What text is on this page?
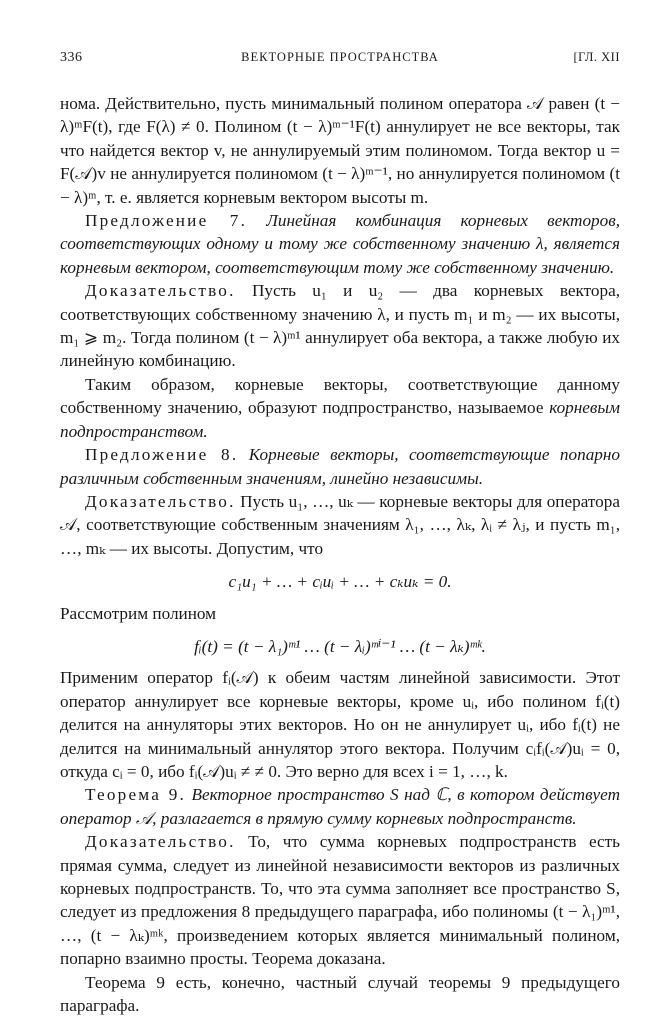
336	ВЕКТОРНЫЕ ПРОСТРАНСТВА	[ГЛ. XII

нома. Действительно, пусть минимальный полином оператора 𝒜 равен (t − λ)ᵐF(t), где F(λ) ≠ 0. Полином (t − λ)ᵐ⁻¹F(t) аннулирует не все векторы, так что найдется вектор v, не аннулируемый этим полиномом. Тогда вектор u = F(𝒜)v не аннулируется полиномом (t − λ)ᵐ⁻¹, но аннулируется полиномом (t − λ)ᵐ, т. е. является корневым вектором высоты m.

Предложение 7. Линейная комбинация корневых векторов, соответствующих одному и тому же собственному значению λ, является корневым вектором, соответствующим тому же собственному значению.

Доказательство. Пусть u₁ и u₂ — два корневых вектора, соответствующих собственному значению λ, и пусть m₁ и m₂ — их высоты, m₁ ⩾ m₂. Тогда полином (t − λ)ᵐ¹ аннулирует оба вектора, а также любую их линейную комбинацию.

Таким образом, корневые векторы, соответствующие данному собственному значению, образуют подпространство, называемое корневым подпространством.

Предложение 8. Корневые векторы, соответствующие попарно различным собственным значениям, линейно независимы.

Доказательство. Пусть u₁, …, uₖ — корневые векторы для оператора 𝒜, соответствующие собственным значениям λ₁, …, λₖ, λᵢ ≠ λⱼ, и пусть m₁, …, mₖ — их высоты. Допустим, что

c₁u₁ + … + cᵢuᵢ + … + cₖuₖ = 0.

Рассмотрим полином

fᵢ(t) = (t − λ₁)ᵐ¹ … (t − λᵢ)ᵐⁱ⁻¹ … (t − λₖ)ᵐᵏ.

Применим оператор fᵢ(𝒜) к обеим частям линейной зависимости. Этот оператор аннулирует все корневые векторы, кроме uᵢ, ибо полином fᵢ(t) делится на аннуляторы этих векторов. Но он не аннулирует uᵢ, ибо fᵢ(t) не делится на минимальный аннулятор этого вектора. Получим cᵢfᵢ(𝒜)uᵢ = 0, откуда cᵢ = 0, ибо fᵢ(𝒜)uᵢ ≠ ≠ 0. Это верно для всех i = 1, …, k.

Теорема 9. Векторное пространство S над ℂ, в котором действует оператор 𝒜, разлагается в прямую сумму корневых подпространств.

Доказательство. То, что сумма корневых подпространств есть прямая сумма, следует из линейной независимости векторов из различных корневых подпространств. То, что эта сумма заполняет все пространство S, следует из предложения 8 предыдущего параграфа, ибо полиномы (t − λ₁)ᵐ¹, …, (t − λₖ)ᵐᵏ, произведением которых является минимальный полином, попарно взаимно просты. Теорема доказана.

Теорема 9 есть, конечно, частный случай теоремы 9 предыдущего параграфа.
